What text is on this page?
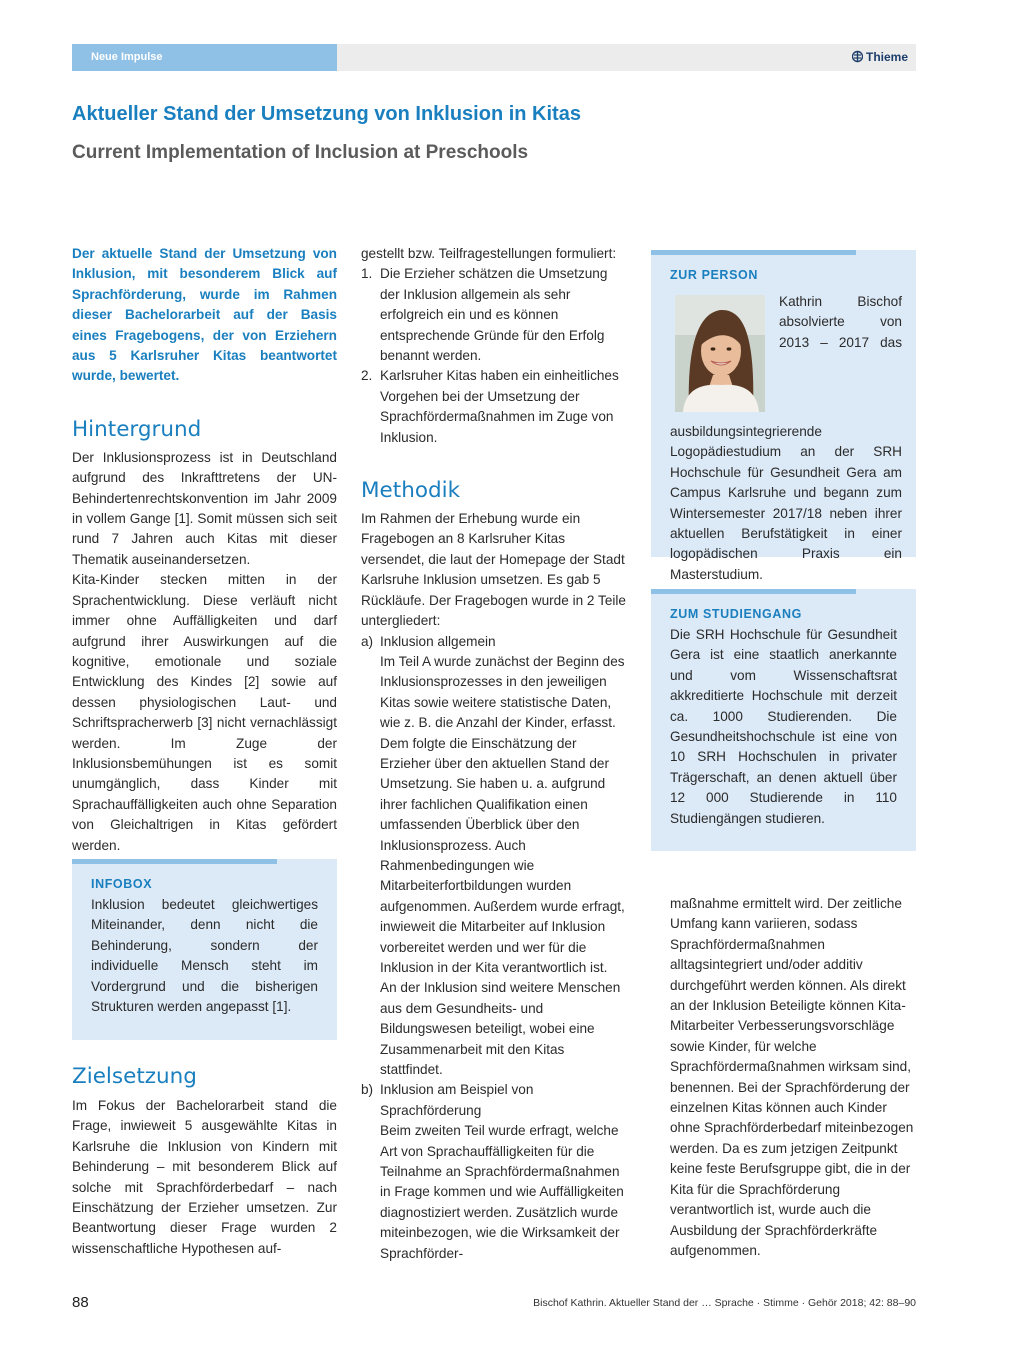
Neue Impulse	Thieme
Aktueller Stand der Umsetzung von Inklusion in Kitas
Current Implementation of Inclusion at Preschools

Der aktuelle Stand der Umsetzung von Inklusion, mit besonderem Blick auf Sprachförderung, wurde im Rahmen dieser Bachelorarbeit auf der Basis eines Fragebogens, der von Erziehern aus 5 Karlsruher Kitas beantwortet wurde, bewertet.

Hintergrund

Der Inklusionsprozess ist in Deutschland aufgrund des Inkrafttretens der UN-Behindertenrechtskonvention im Jahr 2009 in vollem Gange [1]. Somit müssen sich seit rund 7 Jahren auch Kitas mit dieser Thematik auseinandersetzen.

Kita-Kinder stecken mitten in der Sprachentwicklung. Diese verläuft nicht immer ohne Auffälligkeiten und darf aufgrund ihrer Auswirkungen auf die kognitive, emotionale und soziale Entwicklung des Kindes [2] sowie auf dessen physiologischen Laut- und Schriftspracherwerb [3] nicht vernachlässigt werden. Im Zuge der Inklusionsbemühungen ist es somit unumgänglich, dass Kinder mit Sprachauffälligkeiten auch ohne Separation von Gleichaltrigen in Kitas gefördert werden.

INFOBOX
Inklusion bedeutet gleichwertiges Miteinander, denn nicht die Behinderung, sondern der individuelle Mensch steht im Vordergrund und die bisherigen Strukturen werden angepasst [1].
Zielsetzung

Im Fokus der Bachelorarbeit stand die Frage, inwieweit 5 ausgewählte Kitas in Karlsruhe die Inklusion von Kindern mit Behinderung – mit besonderem Blick auf solche mit Sprachförderbedarf – nach Einschätzung der Erzieher umsetzen. Zur Beantwortung dieser Frage wurden 2 wissenschaftliche Hypothesen auf-

gestellt bzw. Teilfragestellungen formuliert:

1. Die Erzieher schätzen die Umsetzung der Inklusion allgemein als sehr erfolgreich ein und es können entsprechende Gründe für den Erfolg benannt werden.
2. Karlsruher Kitas haben ein einheitliches Vorgehen bei der Umsetzung der Sprachfördermaßnahmen im Zuge von Inklusion.
Methodik

Im Rahmen der Erhebung wurde ein Fragebogen an 8 Karlsruher Kitas versendet, die laut der Homepage der Stadt Karlsruhe Inklusion umsetzen. Es gab 5 Rückläufe. Der Fragebogen wurde in 2 Teile untergliedert:

a) Inklusion allgemein

Im Teil A wurde zunächst der Beginn des Inklusionsprozesses in den jeweiligen Kitas sowie weitere statistische Daten, wie z. B. die Anzahl der Kinder, erfasst. Dem folgte die Einschätzung der Erzieher über den aktuellen Stand der Umsetzung. Sie haben u. a. aufgrund ihrer fachlichen Qualifikation einen umfassenden Überblick über den Inklusionsprozess. Auch Rahmenbedingungen wie Mitarbeiterfortbildungen wurden aufgenommen. Außerdem wurde erfragt, inwieweit die Mitarbeiter auf Inklusion vorbereitet werden und wer für die Inklusion in der Kita verantwortlich ist. An der Inklusion sind weitere Menschen aus dem Gesundheits- und Bildungswesen beteiligt, wobei eine Zusammenarbeit mit den Kitas stattfindet.

b) Inklusion am Beispiel von Sprachförderung

Beim zweiten Teil wurde erfragt, welche Art von Sprachauffälligkeiten für die Teilnahme an Sprachfördermaßnahmen in Frage kommen und wie Auffälligkeiten diagnostiziert werden. Zusätzlich wurde miteinbezogen, wie die Wirksamkeit der Sprachförder-

ZUR PERSON
Kathrin Bischof absolvierte von 2013 – 2017 das ausbildungsintegrierende Logopädiestudium an der SRH Hochschule für Gesundheit Gera am Campus Karlsruhe und begann zum Wintersemester 2017/18 neben ihrer aktuellen Berufstätigkeit in einer logopädischen Praxis ein Masterstudium.
ZUM STUDIENGANG
Die SRH Hochschule für Gesundheit Gera ist eine staatlich anerkannte und vom Wissenschaftsrat akkreditierte Hochschule mit derzeit ca. 1000 Studierenden. Die Gesundheitshochschule ist eine von 10 SRH Hochschulen in privater Trägerschaft, an denen aktuell über 12 000 Studierende in 110 Studiengängen studieren.

maßnahme ermittelt wird. Der zeitliche Umfang kann variieren, sodass Sprachfördermaßnahmen alltagsintegriert und/oder additiv durchgeführt werden können. Als direkt an der Inklusion Beteiligte können Kita-Mitarbeiter Verbesserungsvorschläge sowie Kinder, für welche Sprachfördermaßnahmen wirksam sind, benennen. Bei der Sprachförderung der einzelnen Kitas können auch Kinder ohne Sprachförderbedarf miteinbezogen werden. Da es zum jetzigen Zeitpunkt keine feste Berufsgruppe gibt, die in der Kita für die Sprachförderung verantwortlich ist, wurde auch die Ausbildung der Sprachförderkräfte aufgenommen.

88	Bischof Kathrin. Aktueller Stand der … Sprache · Stimme · Gehör 2018; 42: 88–90
